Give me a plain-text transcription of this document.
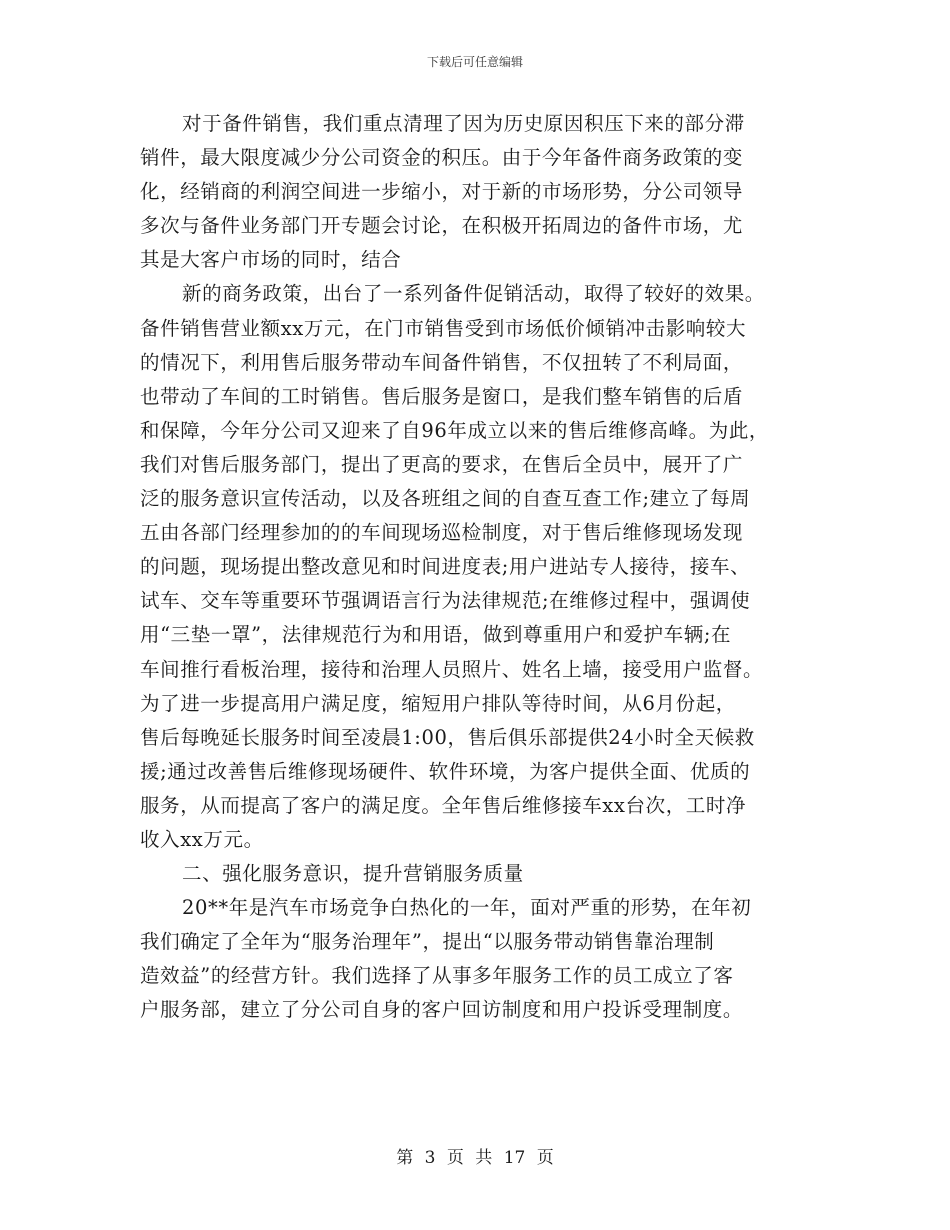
下载后可任意编辑
对于备件销售，我们重点清理了因为历史原因积压下来的部分滞
销件，最大限度减少分公司资金的积压。由于今年备件商务政策的变
化，经销商的利润空间进一步缩小，对于新的市场形势，分公司领导
多次与备件业务部门开专题会讨论，在积极开拓周边的备件市场，尤
其是大客户市场的同时，结合
新的商务政策，出台了一系列备件促销活动，取得了较好的效果。
备件销售营业额xx万元，在门市销售受到市场低价倾销冲击影响较大
的情况下，利用售后服务带动车间备件销售，不仅扭转了不利局面，
也带动了车间的工时销售。售后服务是窗口，是我们整车销售的后盾
和保障，今年分公司又迎来了自96年成立以来的售后维修高峰。为此，
我们对售后服务部门，提出了更高的要求，在售后全员中，展开了广
泛的服务意识宣传活动，以及各班组之间的自查互查工作;建立了每周
五由各部门经理参加的的车间现场巡检制度，对于售后维修现场发现
的问题，现场提出整改意见和时间进度表;用户进站专人接待，接车、
试车、交车等重要环节强调语言行为法律规范;在维修过程中，强调使
用“三垫一罩”，法律规范行为和用语，做到尊重用户和爱护车辆;在
车间推行看板治理，接待和治理人员照片、姓名上墙，接受用户监督。
为了进一步提高用户满足度，缩短用户排队等待时间，从6月份起，
售后每晚延长服务时间至凌晨1:00，售后俱乐部提供24小时全天候救
援;通过改善售后维修现场硬件、软件环境，为客户提供全面、优质的
服务，从而提高了客户的满足度。全年售后维修接车xx台次，工时净
收入xx万元。
二、强化服务意识，提升营销服务质量
20**年是汽车市场竞争白热化的一年，面对严重的形势，在年初
我们确定了全年为“服务治理年”，提出“以服务带动销售靠治理制
造效益”的经营方针。我们选择了从事多年服务工作的员工成立了客
户服务部，建立了分公司自身的客户回访制度和用户投诉受理制度。
第 3 页 共 17 页
